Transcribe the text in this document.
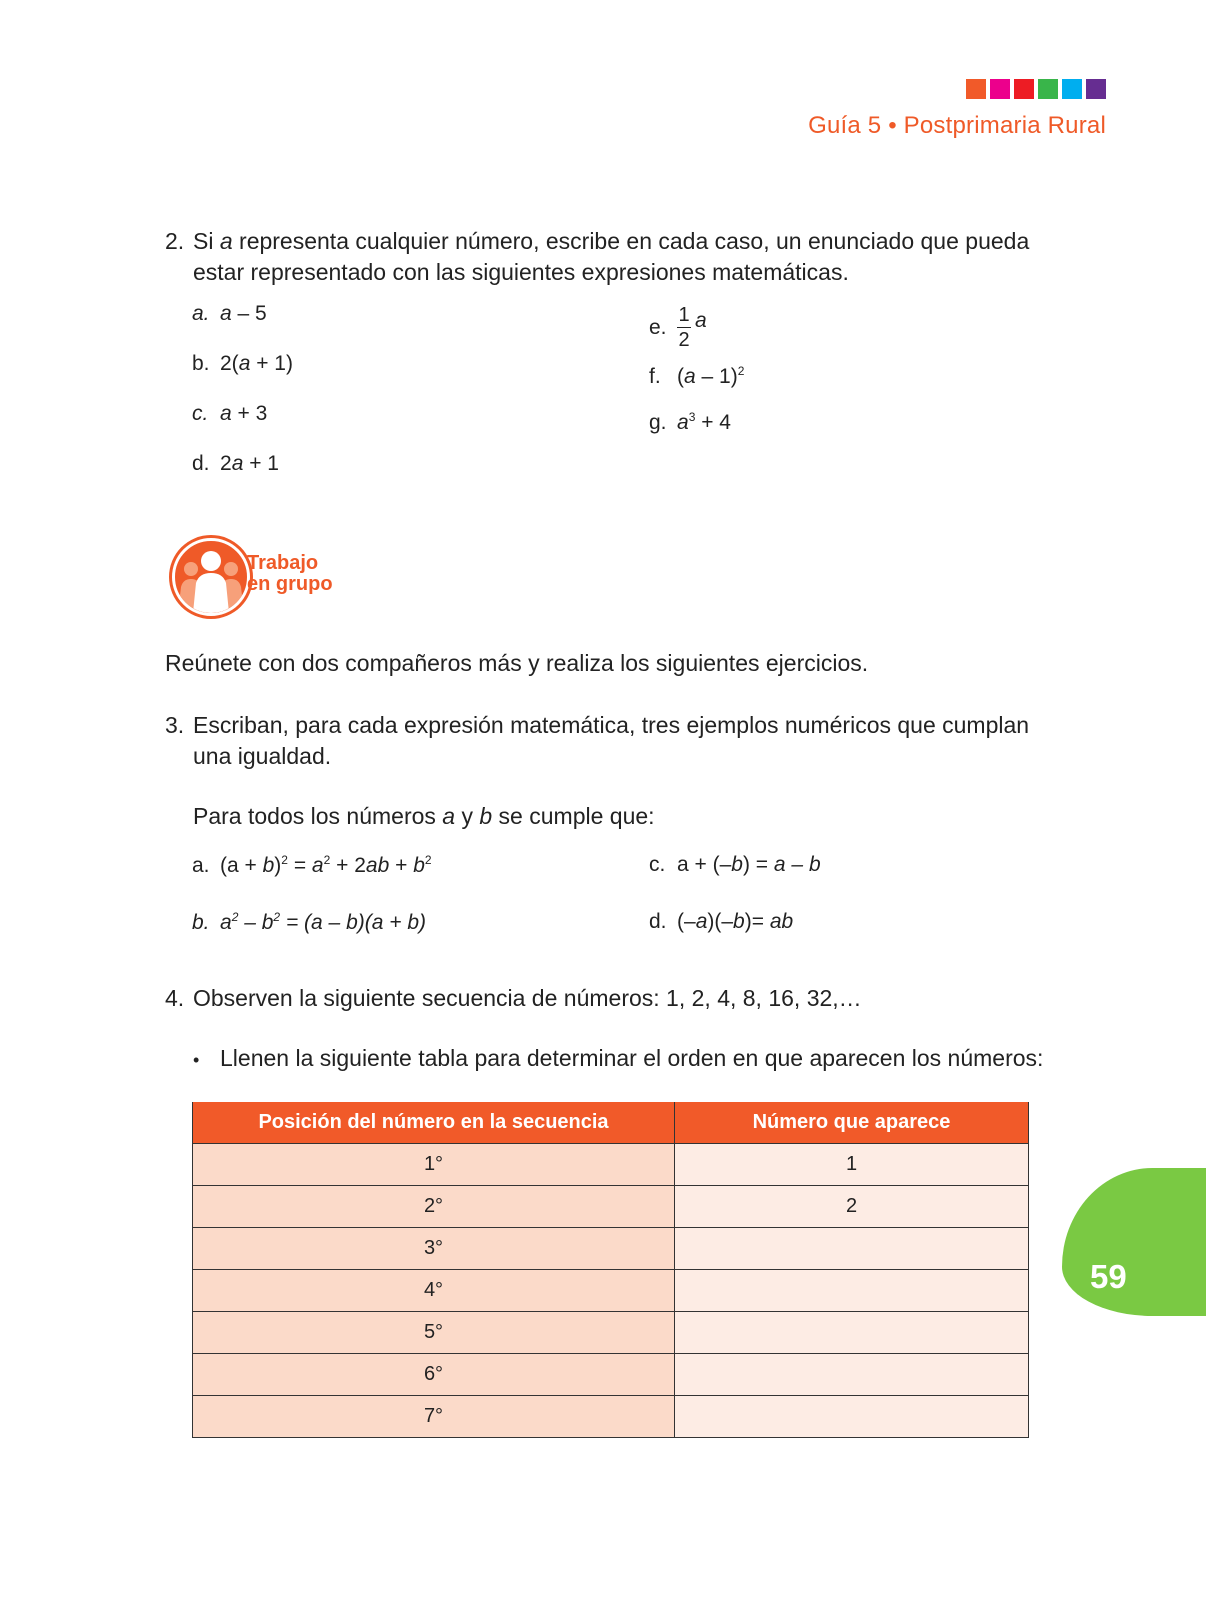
Guía 5 • Postprimaria Rural
2. Si a representa cualquier número, escribe en cada caso, un enunciado que pueda
estar representado con las siguientes expresiones matemáticas.
a. a – 5
b. 2(a + 1)
c. a + 3
d. 2a + 1
e. $\frac{1}{2}$ a
f. (a – 1)$^2$
g. $a^3 + 4$
Trabajo
en grupo
Reúnete con dos compañeros más y realiza los siguientes ejercicios.
3. Escriban, para cada expresión matemática, tres ejemplos numéricos que cumplan
una igualdad.
Para todos los números a y b se cumple que:
a. $(a + b)^2 = a^2 + 2ab + b^2$
b. $a^2 - b^2 = (a - b)(a + b)$
c. a + (–b) = a – b
d. (–a)(–b)= ab
4. Observen la siguiente secuencia de números: 1, 2, 4, 8, 16, 32,…
• Llenen la siguiente tabla para determinar el orden en que aparecen los números:
Posición del número en la secuencia	Número que aparece
1°	1
2°	2
3°	
4°	
5°	
6°	
7°	
59
